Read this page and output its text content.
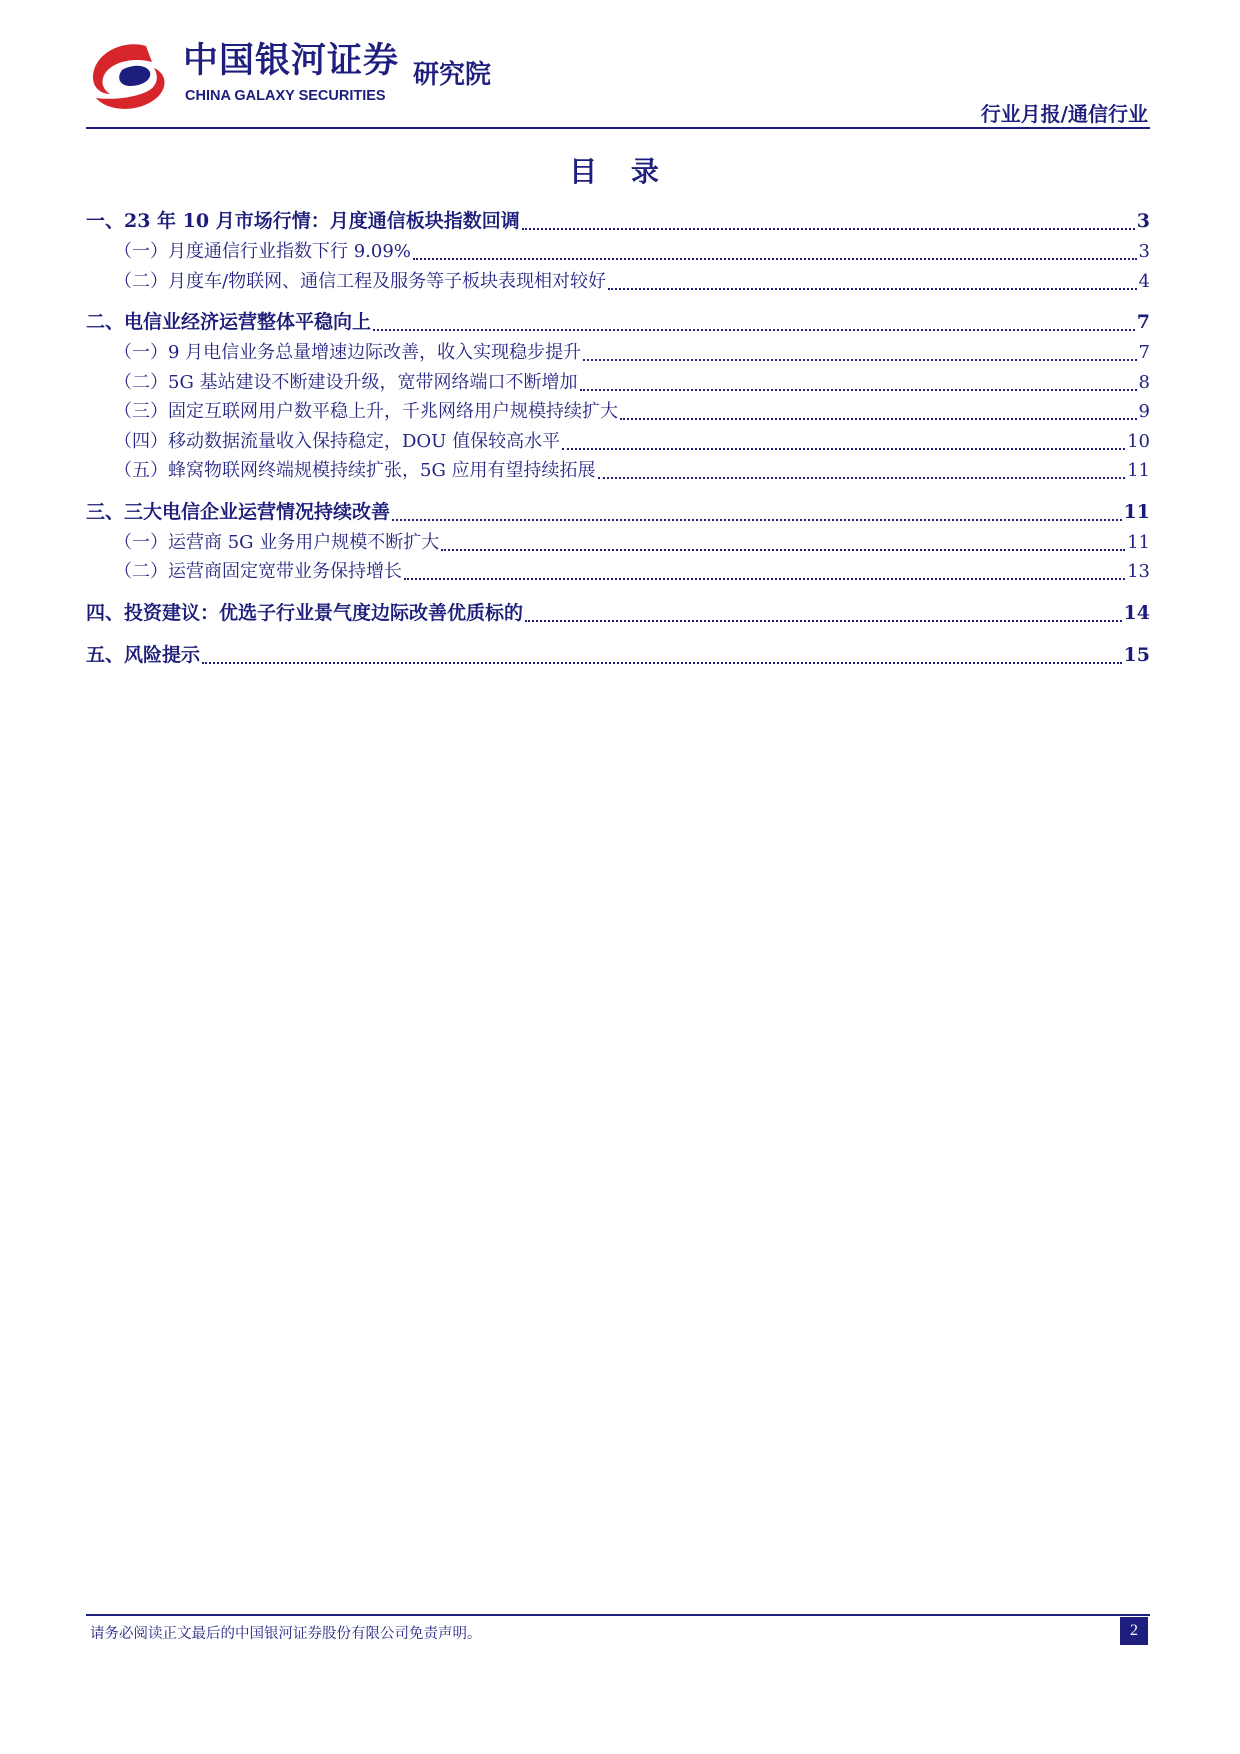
中国银河证券
CHINA GALAXY SECURITIES
研究院
行业月报/通信行业
目 录
一、23 年 10 月市场行情：月度通信板块指数回调	3
（一）月度通信行业指数下行 9.09%	3
（二）月度车/物联网、通信工程及服务等子板块表现相对较好	4
二、电信业经济运营整体平稳向上	7
（一）9 月电信业务总量增速边际改善，收入实现稳步提升	7
（二）5G 基站建设不断建设升级，宽带网络端口不断增加	8
（三）固定互联网用户数平稳上升，千兆网络用户规模持续扩大	9
（四）移动数据流量收入保持稳定，DOU 值保较高水平	10
（五）蜂窝物联网终端规模持续扩张，5G 应用有望持续拓展	11
三、三大电信企业运营情况持续改善	11
（一）运营商 5G 业务用户规模不断扩大	11
（二）运营商固定宽带业务保持增长	13
四、投资建议：优选子行业景气度边际改善优质标的	14
五、风险提示	15
请务必阅读正文最后的中国银河证券股份有限公司免责声明。	2
